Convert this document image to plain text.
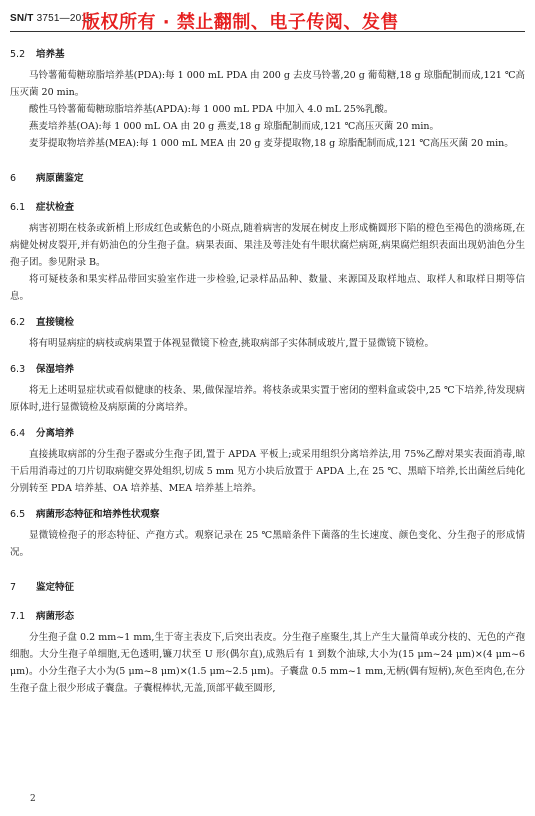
SN/T 3751—2013
版权所有 · 禁止翻制、电子传阅、发售
5.2 培养基

马铃薯葡萄糖琼脂培养基(PDA):每 1 000 mL PDA 由 200 g 去皮马铃薯,20 g 葡萄糖,18 g 琼脂配制而成,121 ℃高压灭菌 20 min。

酸性马铃薯葡萄糖琼脂培养基(APDA):每 1 000 mL PDA 中加入 4.0 mL 25%乳酸。

燕麦培养基(OA):每 1 000 mL OA 由 20 g 燕麦,18 g 琼脂配制而成,121 ℃高压灭菌 20 min。

麦芽提取物培养基(MEA):每 1 000 mL MEA 由 20 g 麦芽提取物,18 g 琼脂配制而成,121 ℃高压灭菌 20 min。

6 病原菌鉴定
6.1 症状检查

病害初期在枝条或新梢上形成红色或紫色的小斑点,随着病害的发展在树皮上形成椭圆形下陷的橙色至褐色的溃疡斑,在病健处树皮裂开,并有奶油色的分生孢子盘。病果表面、果洼及萼洼处有牛眼状腐烂病斑,病果腐烂组织表面出现奶油色分生孢子团。参见附录 B。

将可疑枝条和果实样品带回实验室作进一步检验,记录样品品种、数量、来源国及取样地点、取样人和取样日期等信息。

6.2 直接镜检

将有明显病症的病枝或病果置于体视显微镜下检查,挑取病部子实体制成玻片,置于显微镜下镜检。

6.3 保湿培养

将无上述明显症状或看似健康的枝条、果,做保湿培养。将枝条或果实置于密闭的塑料盒或袋中,25 ℃下培养,待发现病原体时,进行显微镜检及病原菌的分离培养。

6.4 分离培养

直接挑取病部的分生孢子器或分生孢子团,置于 APDA 平板上;或采用组织分离培养法,用 75%乙醇对果实表面消毒,晾干后用消毒过的刀片切取病健交界处组织,切成 5 mm 见方小块后放置于 APDA 上,在 25 ℃、黑暗下培养,长出菌丝后纯化分别转至 PDA 培养基、OA 培养基、MEA 培养基上培养。

6.5 病菌形态特征和培养性状观察

显微镜检孢子的形态特征、产孢方式。观察记录在 25 ℃黑暗条件下菌落的生长速度、颜色变化、分生孢子的形成情况。

7 鉴定特征
7.1 病菌形态

分生孢子盘 0.2 mm~1 mm,生于寄主表皮下,后突出表皮。分生孢子座聚生,其上产生大量简单或分枝的、无色的产孢细胞。大分生孢子单细胞,无色透明,镰刀状至 U 形(偶尔直),成熟后有 1 到数个油球,大小为(15 μm~24 μm)×(4 μm~6 μm)。小分生孢子大小为(5 μm~8 μm)×(1.5 μm~2.5 μm)。子囊盘 0.5 mm~1 mm,无柄(偶有短柄),灰色至肉色,在分生孢子盘上很少形成子囊盘。子囊棍棒状,无盖,顶部平截至圆形,

2
